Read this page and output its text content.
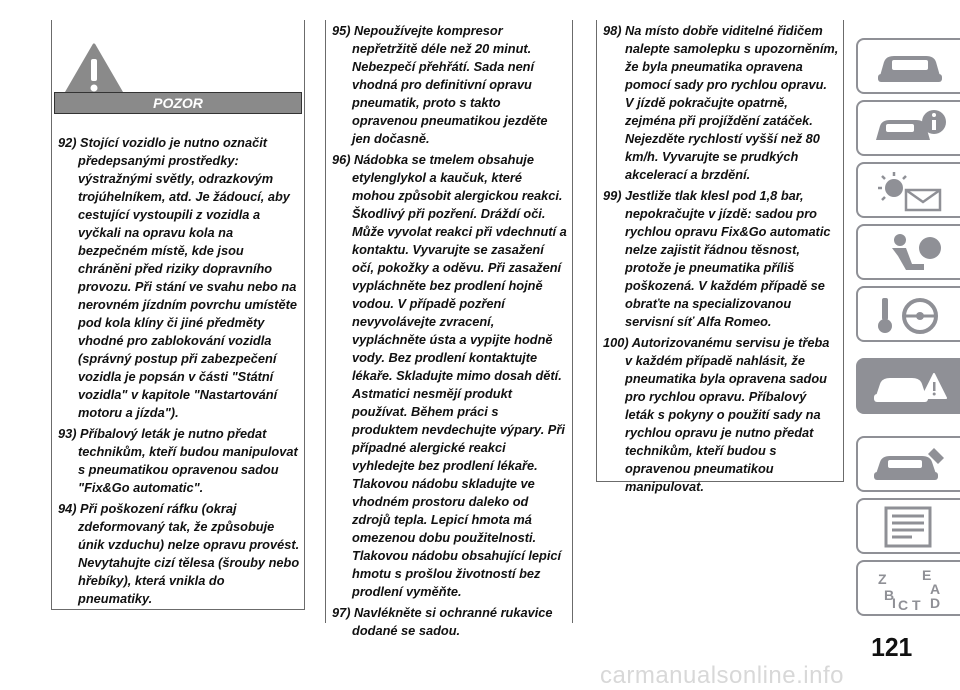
POZOR
92) Stojící vozidlo je nutno označit předepsanými prostředky: výstražnými světly, odrazkovým trojúhelníkem, atd. Je žádoucí, aby cestující vystoupili z vozidla a vyčkali na opravu kola na bezpečném místě, kde jsou chráněni před riziky dopravního provozu. Při stání ve svahu nebo na nerovném jízdním povrchu umístěte pod kola klíny či jiné předměty vhodné pro zablokování vozidla (správný postup při zabezpečení vozidla je popsán v části "Státní vozidla" v kapitole "Nastartování motoru a jízda").
93) Příbalový leták je nutno předat technikům, kteří budou manipulovat s pneumatikou opravenou sadou "Fix&Go automatic".
94) Při poškození ráfku (okraj zdeformovaný tak, že způsobuje únik vzduchu) nelze opravu provést. Nevytahujte cizí tělesa (šrouby nebo hřebíky), která vnikla do pneumatiky.
95) Nepoužívejte kompresor nepřetržitě déle než 20 minut. Nebezpečí přehřátí. Sada není vhodná pro definitivní opravu pneumatik, proto s takto opravenou pneumatikou jezděte jen dočasně.
96) Nádobka se tmelem obsahuje etylenglykol a kaučuk, které mohou způsobit alergickou reakci. Škodlivý při pozření. Dráždí oči. Může vyvolat reakci při vdechnutí a kontaktu. Vyvarujte se zasažení očí, pokožky a oděvu. Při zasažení vypláchněte bez prodlení hojně vodou. V případě pozření nevyvolávejte zvracení, vypláchněte ústa a vypijte hodně vody. Bez prodlení kontaktujte lékaře. Skladujte mimo dosah dětí. Astmatici nesmějí produkt používat. Během práci s produktem nevdechujte výpary. Při případné alergické reakci vyhledejte bez prodlení lékaře. Tlakovou nádobu skladujte ve vhodném prostoru daleko od zdrojů tepla. Lepicí hmota má omezenou dobu použitelnosti. Tlakovou nádobu obsahující lepicí hmotu s prošlou životností bez prodlení vyměňte.
97) Navlékněte si ochranné rukavice dodané se sadou.
98) Na místo dobře viditelné řidičem nalepte samolepku s upozorněním, že byla pneumatika opravena pomocí sady pro rychlou opravu. V jízdě pokračujte opatrně, zejména při projíždění zatáček. Nejezděte rychlostí vyšší než 80 km/h. Vyvarujte se prudkých akcelerací a brzdění.
99) Jestliže tlak klesl pod 1,8 bar, nepokračujte v jízdě: sadou pro rychlou opravu Fix&Go automatic nelze zajistit řádnou těsnost, protože je pneumatika příliš poškozená. V každém případě se obraťte na specializovanou servisní síť Alfa Romeo.
100) Autorizovanému servisu je třeba v každém případě nahlásit, že pneumatika byla opravena sadou pro rychlou opravu. Příbalový leták s pokyny o použití sady na rychlou opravu je nutno předat technikům, kteří budou s opravenou pneumatikou manipulovat.
Z	E
A
B
C T D
I
121
carmanualsonline.info
